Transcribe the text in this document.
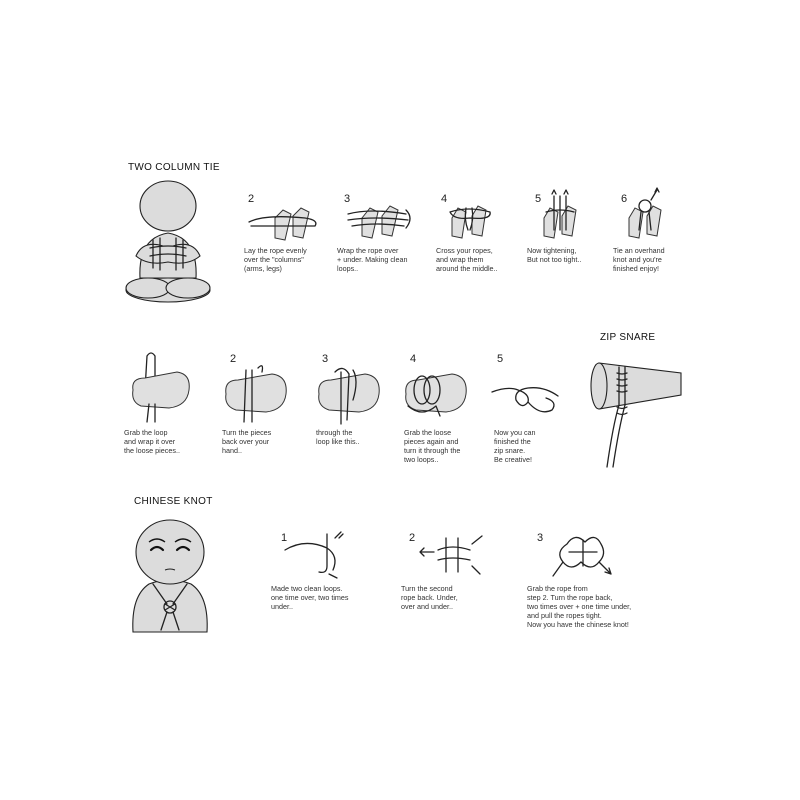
TWO COLUMN TIE
2
Lay the rope evenly
over the "columns"
(arms, legs)
3
Wrap the rope over
+ under. Making clean
loops..
4
Cross your ropes,
and wrap them
around the middle..
5
Now tightening,
But not too tight..
6
Tie an overhand
knot and you're
finished enjoy!
ZIP SNARE
Grab the loop
and wrap it over
the loose pieces..
2
Turn the pieces
back over your
hand..
3
through the
loop like this..
4
Grab the loose
pieces again and
turn it through the
two loops..
5
Now you can
finished the
zip snare.
Be creative!
CHINESE KNOT
1
Made two clean loops.
one time over, two times
under..
2
Turn the second
rope back. Under,
over and under..
3
Grab the rope from
step 2. Turn the rope back,
two times over + one time under,
and pull the ropes tight.
Now you have the chinese knot!
